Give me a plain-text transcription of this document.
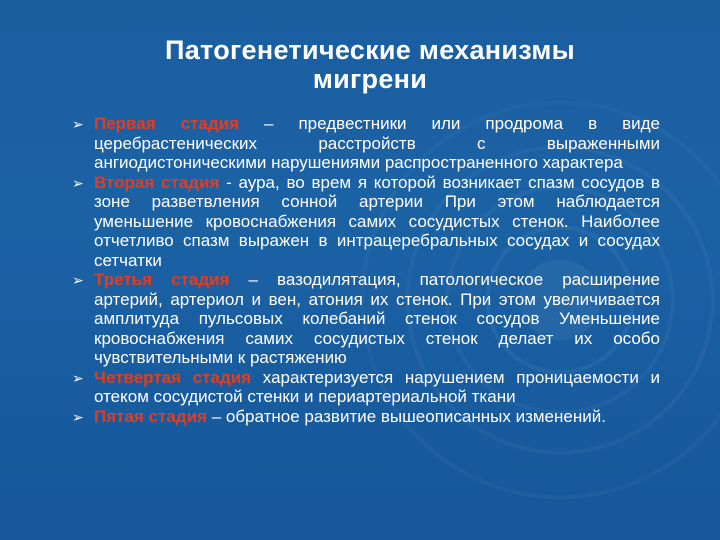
Патогенетические механизмы
мигрени
➢ Первая стадия – предвестники или продрома в виде церебрастенических расстройств с выраженными ангиодистоническими нарушениями распространенного характера
➢ Вторая стадия - аура, во врем я которой возникает спазм сосудов в зоне разветвления сонной артерии При этом наблюдается уменьшение кровоснабжения самих сосудистых стенок. Наиболее отчетливо спазм выражен в интрацеребральных сосудах и сосудах сетчатки
➢ Третья стадия – вазодилятация, патологическое расширение артерий, артериол и вен, атония их стенок. При этом увеличивается амплитуда пульсовых колебаний стенок сосудов Уменьшение кровоснабжения самих сосудистых стенок делает их особо чувствительными к растяжению
➢ Четвертая стадия характеризуется нарушением проницаемости и отеком сосудистой стенки и периартериальной ткани
➢ Пятая стадия – обратное развитие вышеописанных изменений.
